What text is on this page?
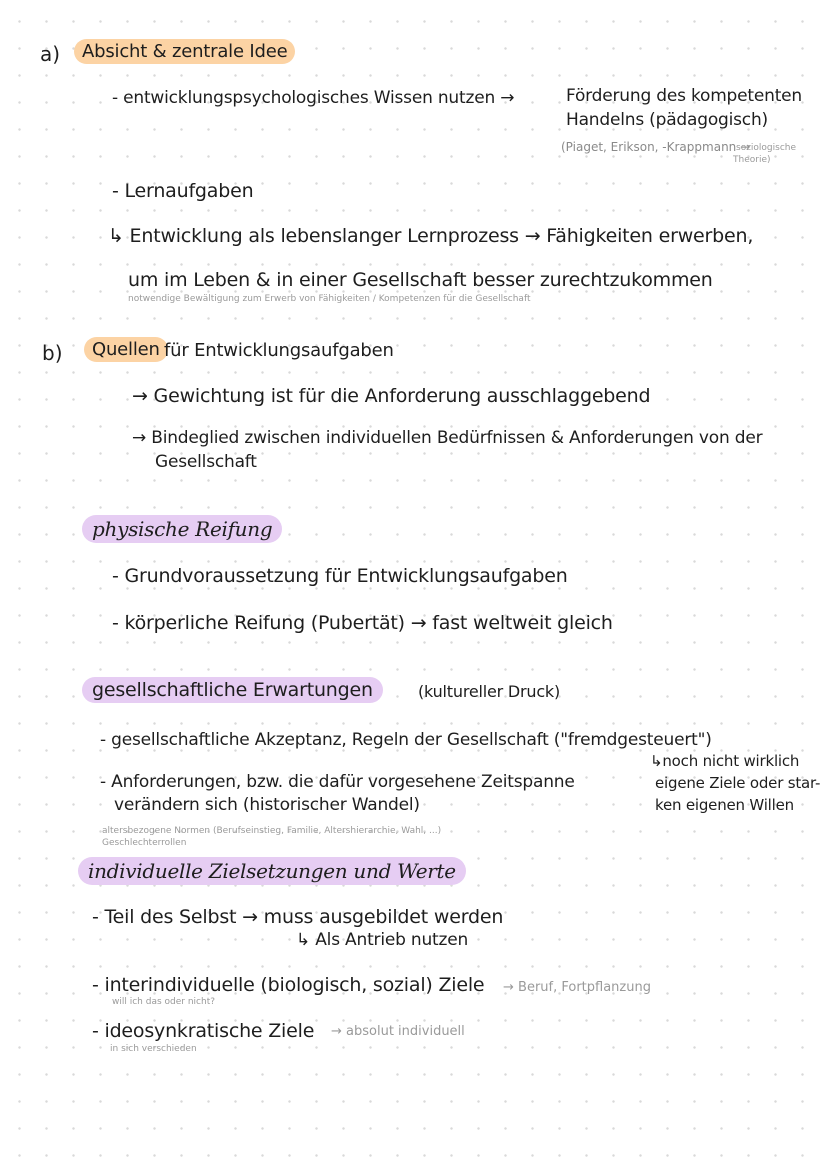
a)	Absicht & zentrale Idee
- entwicklungspsychologisches Wissen nutzen →	Förderung des kompetenten
Handelns (pädagogisch)
(Piaget, Erikson, -Krappmann →
soziologische
Theorie)
- Lernaufgaben
↳ Entwicklung als lebenslanger Lernprozess → Fähigkeiten erwerben,
um im Leben & in einer Gesellschaft besser zurechtzukommen
notwendige Bewältigung zum Erwerb von Fähigkeiten / Kompetenzen für die Gesellschaft
b)	Quellen für Entwicklungsaufgaben
→ Gewichtung ist für die Anforderung ausschlaggebend
→ Bindeglied zwischen individuellen Bedürfnissen & Anforderungen von der
Gesellschaft
physische Reifung
- Grundvoraussetzung für Entwicklungsaufgaben
- körperliche Reifung (Pubertät) → fast weltweit gleich
gesellschaftliche Erwartungen	(kultureller Druck)
- gesellschaftliche Akzeptanz, Regeln der Gesellschaft ("fremdgesteuert")
↳noch nicht wirklich
eigene Ziele oder star-
ken eigenen Willen
- Anforderungen, bzw. die dafür vorgesehene Zeitspanne
verändern sich (historischer Wandel)
altersbezogene Normen (Berufseinstieg, Familie, Altershierarchie, Wahl, ...)
Geschlechterrollen
individuelle Zielsetzungen und Werte
- Teil des Selbst → muss ausgebildet werden
↳ Als Antrieb nutzen
- interindividuelle (biologisch, sozial) Ziele → Beruf, Fortpflanzung
will ich das oder nicht?
- ideosynkratische Ziele → absolut individuell
in sich verschieden
